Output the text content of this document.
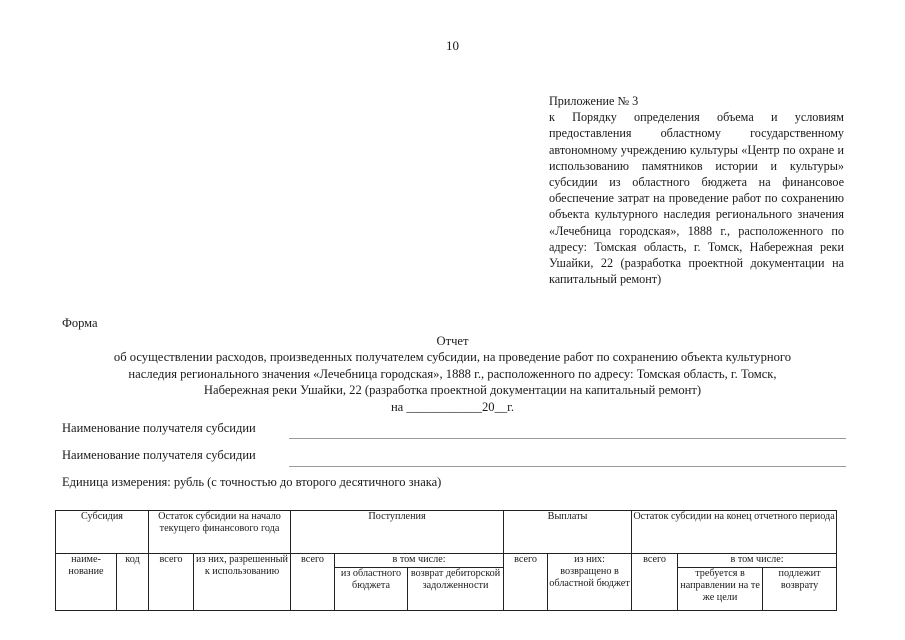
10
Приложение № 3
к Порядку определения объема и условиям предоставления областному государственному автономному учреждению культуры «Центр по охране и использованию памятников истории и культуры» субсидии из областного бюджета на финансовое обеспечение затрат на проведение работ по сохранению объекта культурного наследия регионального значения «Лечебница городская», 1888 г., расположенного по адресу: Томская область, г. Томск, Набережная реки Ушайки, 22 (разработка проектной документации на капитальный ремонт)
Форма
Отчет
об осуществлении расходов, произведенных получателем субсидии, на проведение работ по сохранению объекта культурного
наследия регионального значения «Лечебница городская», 1888 г., расположенного по адресу: Томская область, г. Томск,
Набережная реки Ушайки, 22 (разработка проектной документации на капитальный ремонт)
на ____________20__г.
Наименование получателя субсидии
Наименование получателя субсидии
Единица измерения: рубль (с точностью до второго десятичного знака)
Субсидия		Остаток субсидии на начало текущего финансового года		Поступления			Выплаты		Остаток субсидии на конец отчетного периода		
наиме-нование	код	всего	из них, разрешенный к использованию	всего	в том числе:		всего	из них: возвращено в областной бюджет	всего	в том числе:	
					из областного бюджета	возврат дебиторской задолженности				требуется в направлении на те же цели	подлежит возврату
